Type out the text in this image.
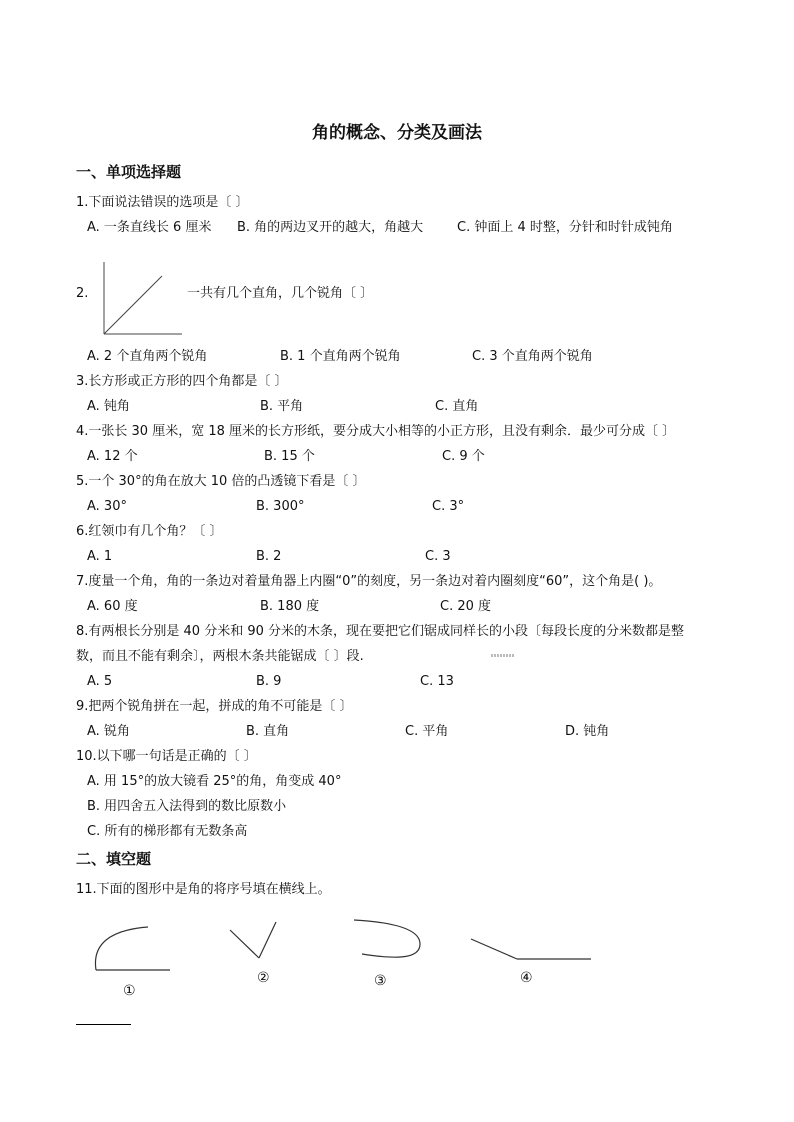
角的概念、分类及画法
一、单项选择题
1.下面说法错误的选项是〔 〕
A. 一条直线长 6 厘米 B. 角的两边叉开的越大，角越大	C. 钟面上 4 时整，分针和时针成钝角
2.	一共有几个直角，几个锐角〔 〕
A. 2 个直角两个锐角	B. 1 个直角两个锐角	C. 3 个直角两个锐角
3.长方形或正方形的四个角都是〔 〕
A. 钝角	B. 平角	C. 直角
4.一张长 30 厘米，宽 18 厘米的长方形纸，要分成大小相等的小正方形，且没有剩余．最少可分成〔 〕
A. 12 个	B. 15 个	C. 9 个
5.一个 30°的角在放大 10 倍的凸透镜下看是〔 〕
A. 30°	B. 300°	C. 3°
6.红领巾有几个角？〔 〕
A. 1	B. 2	C. 3
7.度量一个角，角的一条边对着量角器上内圈“0”的刻度，另一条边对着内圈刻度“60”，这个角是( )。
A. 60 度	B. 180 度	C. 20 度
8.有两根长分别是 40 分米和 90 分米的木条，现在要把它们锯成同样长的小段〔每段长度的分米数都是整
数，而且不能有剩余〕，两根木条共能锯成〔 〕段.
A. 5	B. 9	C. 13
9.把两个锐角拼在一起，拼成的角不可能是〔 〕
A. 锐角	B. 直角	C. 平角	D. 钝角
10.以下哪一句话是正确的〔 〕
A. 用 15°的放大镜看 25°的角，角变成 40°
B. 用四舍五入法得到的数比原数小
C. 所有的梯形都有无数条高
二、填空题
11.下面的图形中是角的将序号填在横线上。
①
②	③	④
